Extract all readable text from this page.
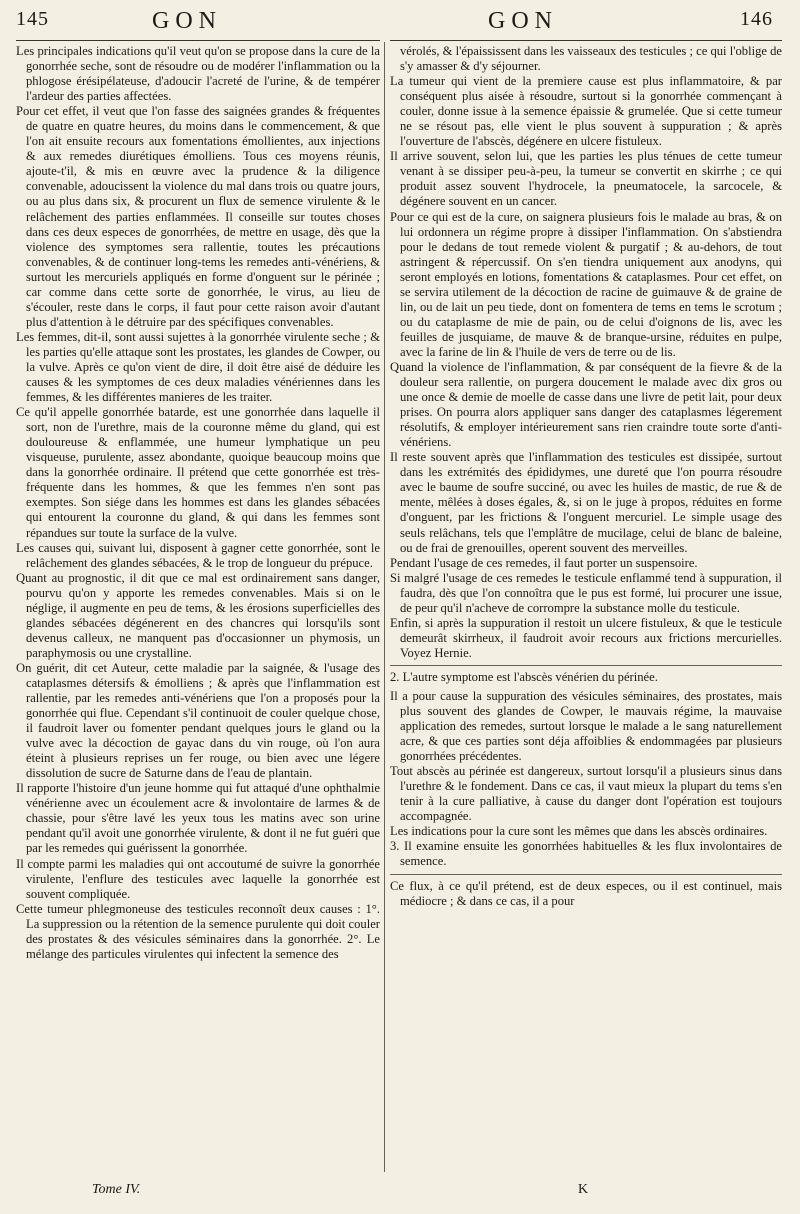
145	GON	GON	146

Les principales indications qu'il veut qu'on se propose dans la cure de la gonorrhée seche, sont de résoudre ou de modérer l'inflammation ou la phlogose érésipélateuse, d'adoucir l'acreté de l'urine, & de tempérer l'ardeur des parties affectées.

Pour cet effet, il veut que l'on fasse des saignées grandes & fréquentes de quatre en quatre heures, du moins dans le commencement, & que l'on ait ensuite recours aux fomentations émollientes, aux injections & aux remedes diurétiques émolliens. Tous ces moyens réunis, ajoute-t'il, & mis en œuvre avec la prudence & la diligence convenable, adoucissent la violence du mal dans trois ou quatre jours, ou au plus dans six, & procurent un flux de semence virulente & le relâchement des parties enflammées. Il conseille sur toutes choses dans ces deux especes de gonorrhées, de mettre en usage, dès que la violence des symptomes sera rallentie, toutes les précautions convenables, & de continuer long-tems les remedes anti-vénériens, & surtout les mercuriels appliqués en forme d'onguent sur le périnée ; car comme dans cette sorte de gonorrhée, le virus, au lieu de s'écouler, reste dans le corps, il faut pour cette raison avoir d'autant plus d'attention à le détruire par des spécifiques convenables.

Les femmes, dit-il, sont aussi sujettes à la gonorrhée virulente seche ; & les parties qu'elle attaque sont les prostates, les glandes de Cowper, ou la vulve. Après ce qu'on vient de dire, il doit être aisé de déduire les causes & les symptomes de ces deux maladies vénériennes dans les femmes, & les différentes manieres de les traiter.

Ce qu'il appelle gonorrhée batarde, est une gonorrhée dans laquelle il sort, non de l'urethre, mais de la couronne même du gland, qui est douloureuse & enflammée, une humeur lymphatique un peu visqueuse, purulente, assez abondante, quoique beaucoup moins que dans la gonorrhée ordinaire. Il prétend que cette gonorrhée est très-fréquente dans les hommes, & que les femmes n'en sont pas exemptes. Son siége dans les hommes est dans les glandes sébacées qui entourent la couronne du gland, & qui dans les femmes sont répandues sur toute la surface de la vulve.

Les causes qui, suivant lui, disposent à gagner cette gonorrhée, sont le relâchement des glandes sébacées, & le trop de longueur du prépuce.

Quant au prognostic, il dit que ce mal est ordinairement sans danger, pourvu qu'on y apporte les remedes convenables. Mais si on le néglige, il augmente en peu de tems, & les érosions superficielles des glandes sébacées dégénerent en des chancres qui lorsqu'ils sont devenus calleux, ne manquent pas d'occasionner un phymosis, un paraphymosis ou une crystalline.

On guérit, dit cet Auteur, cette maladie par la saignée, & l'usage des cataplasmes détersifs & émolliens ; & après que l'inflammation est rallentie, par les remedes anti-vénériens que l'on a proposés pour la gonorrhée qui flue. Cependant s'il continuoit de couler quelque chose, il faudroit laver ou fomenter pendant quelques jours le gland ou la vulve avec la décoction de gayac dans du vin rouge, où l'on aura éteint à plusieurs reprises un fer rouge, ou bien avec une légere dissolution de sucre de Saturne dans de l'eau de plantain.

Il rapporte l'histoire d'un jeune homme qui fut attaqué d'une ophthalmie vénérienne avec un écoulement acre & involontaire de larmes & de chassie, pour s'être lavé les yeux tous les matins avec son urine pendant qu'il avoit une gonorrhée virulente, & dont il ne fut guéri que par les remedes qui guérissent la gonorrhée.

Il compte parmi les maladies qui ont accoutumé de suivre la gonorrhée virulente, l'enflure des testicules avec laquelle la gonorrhée est souvent compliquée.

Cette tumeur phlegmoneuse des testicules reconnoît deux causes : 1°. La suppression ou la rétention de la semence purulente qui doit couler des prostates & des vésicules séminaires dans la gonorrhée. 2°. Le mélange des particules virulentes qui infectent la semence des

vérolés, & l'épaississent dans les vaisseaux des testicules ; ce qui l'oblige de s'y amasser & d'y séjourner.

La tumeur qui vient de la premiere cause est plus inflammatoire, & par conséquent plus aisée à résoudre, surtout si la gonorrhée commençant à couler, donne issue à la semence épaissie & grumelée. Que si cette tumeur ne se résout pas, elle vient le plus souvent à suppuration ; & après l'ouverture de l'abscès, dégénere en ulcere fistuleux.

Il arrive souvent, selon lui, que les parties les plus ténues de cette tumeur venant à se dissiper peu-à-peu, la tumeur se convertit en skirrhe ; ce qui produit assez souvent l'hydrocele, la pneumatocele, la sarcocele, & dégénere souvent en un cancer.

Pour ce qui est de la cure, on saignera plusieurs fois le malade au bras, & on lui ordonnera un régime propre à dissiper l'inflammation. On s'abstiendra pour le dedans de tout remede violent & purgatif ; & au-dehors, de tout astringent & répercussif. On s'en tiendra uniquement aux anodyns, qui seront employés en lotions, fomentations & cataplasmes. Pour cet effet, on se servira utilement de la décoction de racine de guimauve & de graine de lin, ou de lait un peu tiede, dont on fomentera de tems en tems le scrotum ; ou du cataplasme de mie de pain, ou de celui d'oignons de lis, avec les feuilles de jusquiame, de mauve & de branque-ursine, réduites en pulpe, avec la farine de lin & l'huile de vers de terre ou de lis.

Quand la violence de l'inflammation, & par conséquent de la fievre & de la douleur sera rallentie, on purgera doucement le malade avec dix gros ou une once & demie de moelle de casse dans une livre de petit lait, pour deux prises. On pourra alors appliquer sans danger des cataplasmes légerement résolutifs, & employer intérieurement sans rien craindre toute sorte d'anti-vénériens.

Il reste souvent après que l'inflammation des testicules est dissipée, surtout dans les extrémités des épididymes, une dureté que l'on pourra résoudre avec le baume de soufre succiné, ou avec les huiles de mastic, de rue & de mente, mêlées à doses égales, &, si on le juge à propos, réduites en forme d'onguent, par les frictions & l'onguent mercuriel. Le simple usage des seuls relâchans, tels que l'emplâtre de mucilage, celui de blanc de baleine, ou de frai de grenouilles, operent souvent des merveilles.

Pendant l'usage de ces remedes, il faut porter un suspensoire.

Si malgré l'usage de ces remedes le testicule enflammé tend à suppuration, il faudra, dès que l'on connoîtra que le pus est formé, lui procurer une issue, de peur qu'il n'acheve de corrompre la substance molle du testicule.

Enfin, si après la suppuration il restoit un ulcere fistuleux, & que le testicule demeurât skirrheux, il faudroit avoir recours aux frictions mercurielles. Voyez Hernie.

2. L'autre symptome est l'abscès vénérien du périnée.

Il a pour cause la suppuration des vésicules séminaires, des prostates, mais plus souvent des glandes de Cowper, le mauvais régime, la mauvaise application des remedes, surtout lorsque le malade a le sang naturellement acre, & que ces parties sont déja affoiblies & endommagées par plusieurs gonorrhées précédentes.

Tout abscès au périnée est dangereux, surtout lorsqu'il a plusieurs sinus dans l'urethre & le fondement. Dans ce cas, il vaut mieux la plupart du tems s'en tenir à la cure palliative, à cause du danger dont l'opération est toujours accompagnée.

Les indications pour la cure sont les mêmes que dans les abscès ordinaires.

3. Il examine ensuite les gonorrhées habituelles & les flux involontaires de semence.

Ce flux, à ce qu'il prétend, est de deux especes, ou il est continuel, mais médiocre ; & dans ce cas, il a pour

Tome IV.	K
